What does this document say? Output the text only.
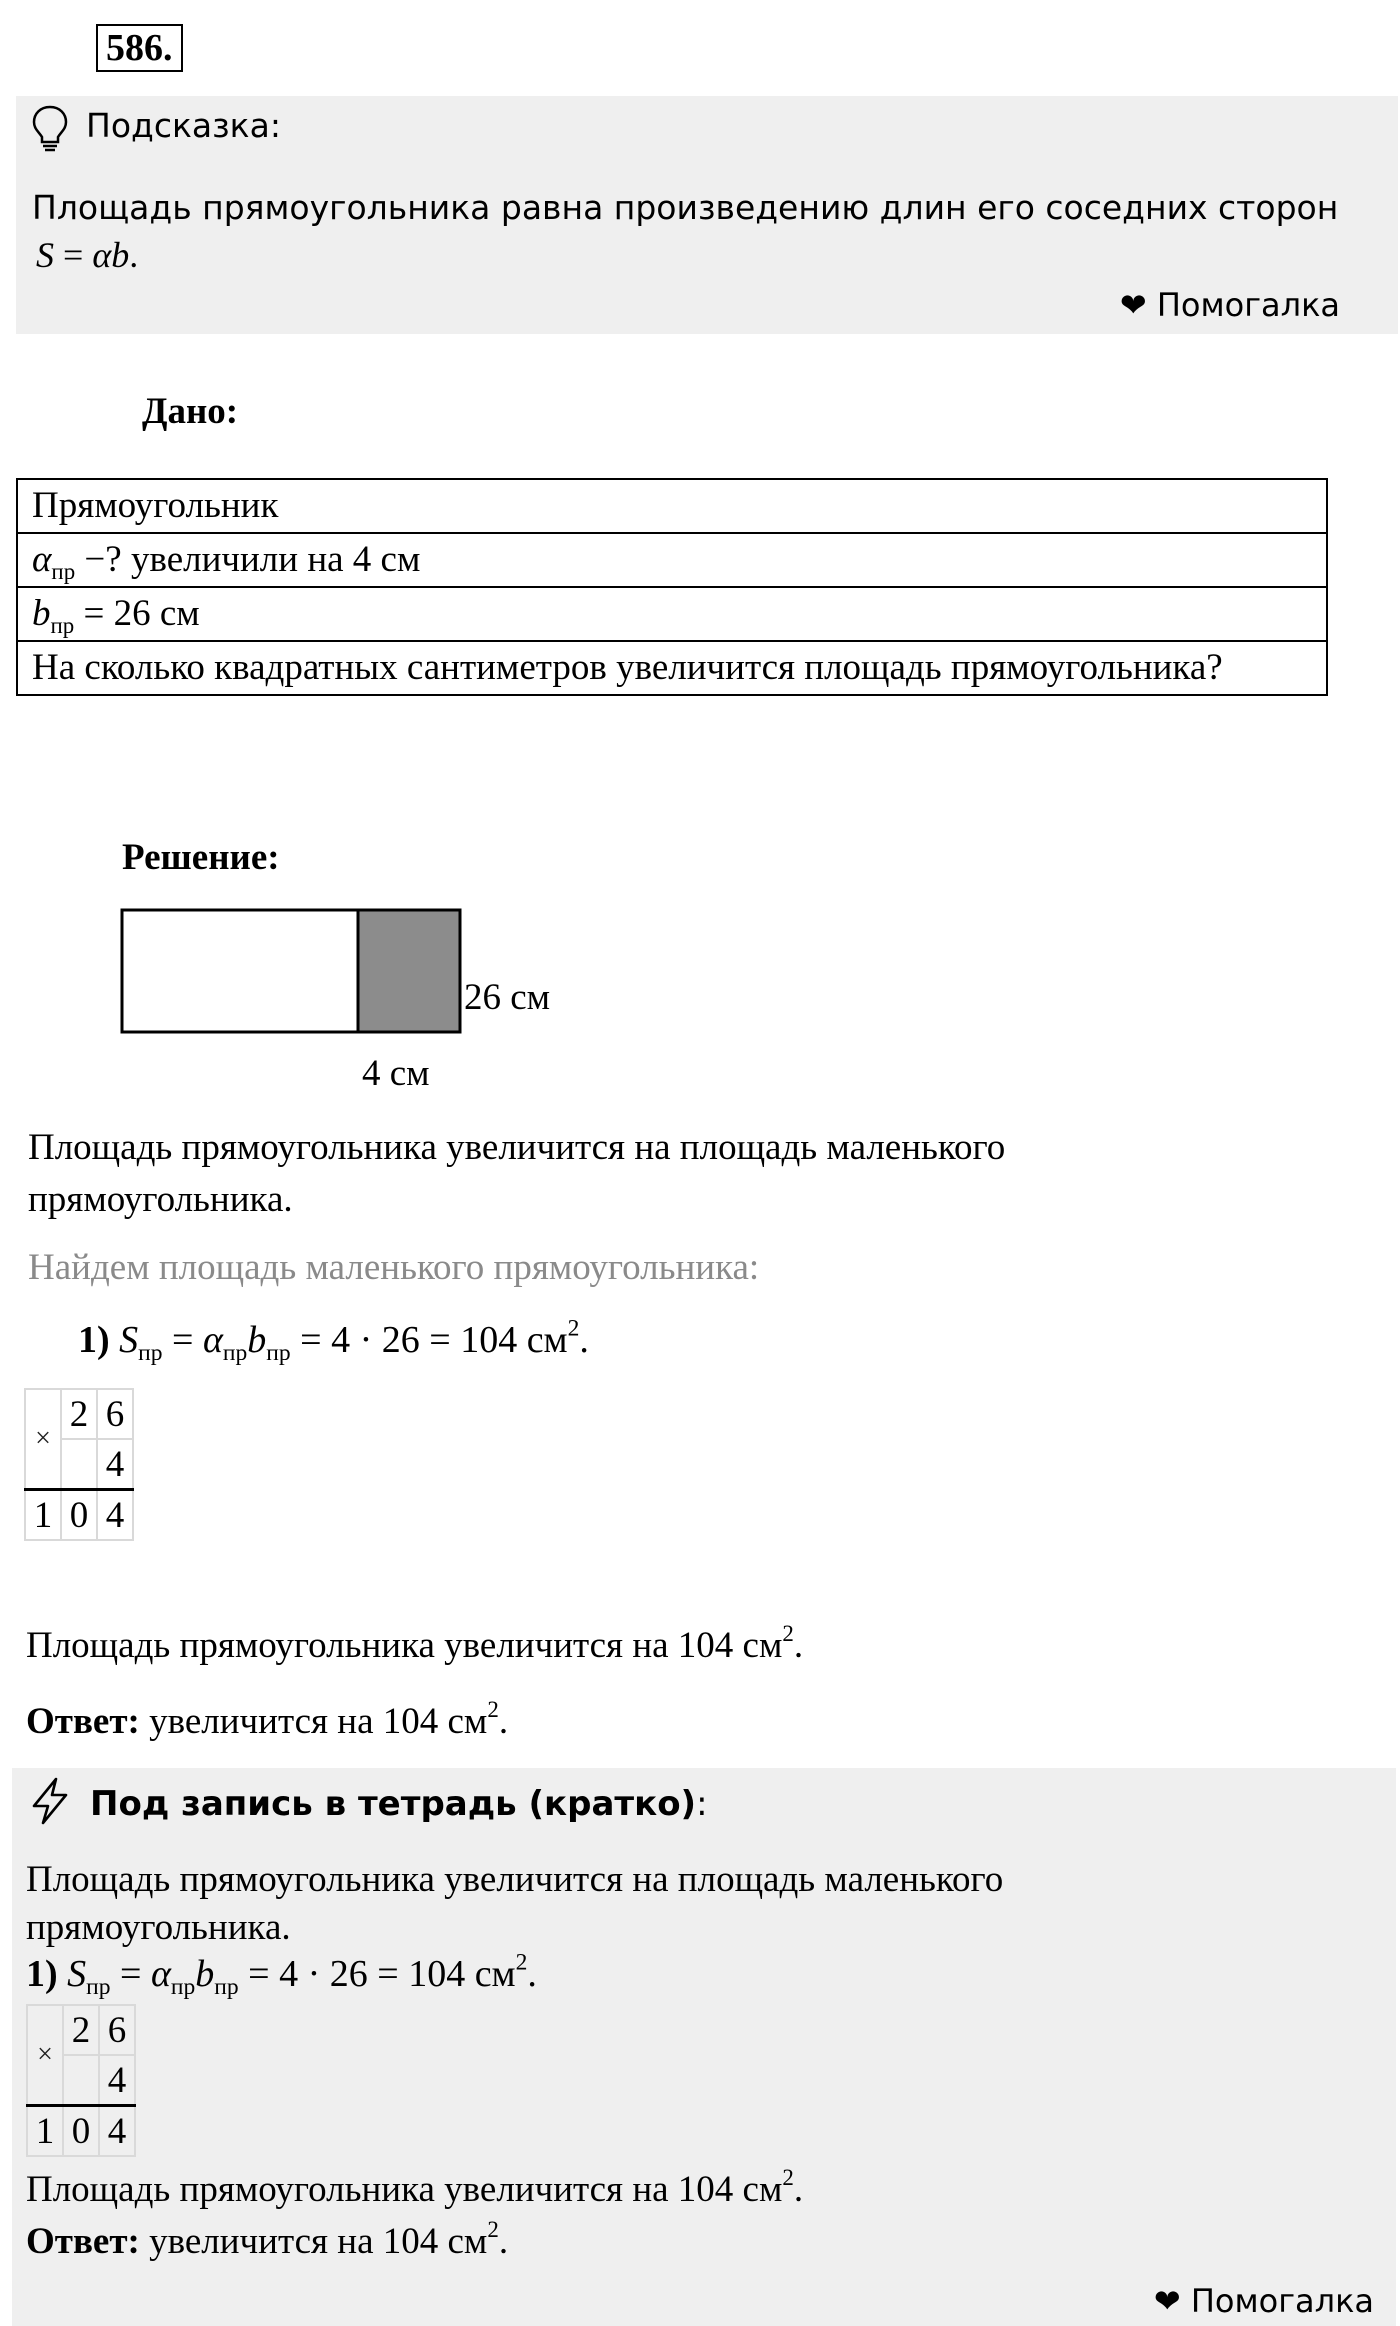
586.
Подсказка:
Площадь прямоугольника равна произведению длин его соседних сторон
S = αb.
❤ Помогалка
Дано:
Прямоугольник
$\alpha_{пр}$ −? увеличили на 4 см
$b_{пр} = 26$ см
На сколько квадратных сантиметров увеличится площадь прямоугольника?
Решение:
26 см
4 см
Площадь прямоугольника увеличится на площадь маленького прямоугольника.
Найдем площадь маленького прямоугольника:
1) $S_{пр} = \alpha_{пр}b_{пр} = 4 \cdot 26 = 104$ $см^2$.
×	2	6
		4
1	0	4
Площадь прямоугольника увеличится на 104 $см^2$.
Ответ: увеличится на 104 $см^2$.
Под запись в тетрадь (кратко):
Площадь прямоугольника увеличится на площадь маленького прямоугольника.
1) $S_{пр} = \alpha_{пр}b_{пр} = 4 \cdot 26 = 104$ $см^2$.
×	2	6
		4
1	0	4
Площадь прямоугольника увеличится на 104 $см^2$.
Ответ: увеличится на 104 $см^2$.
❤ Помогалка
